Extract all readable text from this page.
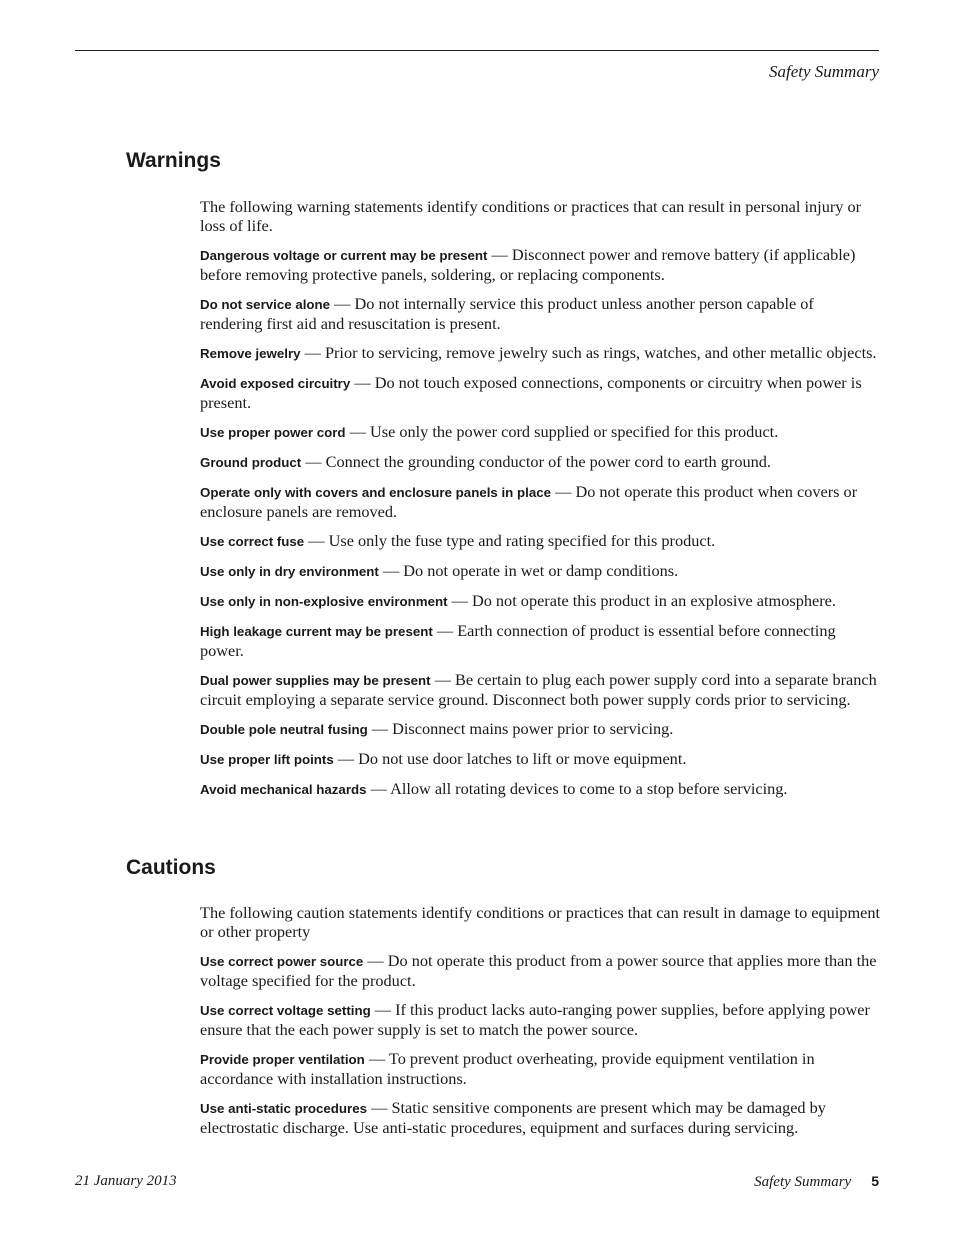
Safety Summary
Warnings

The following warning statements identify conditions or practices that can result in personal injury or loss of life.

Dangerous voltage or current may be present — Disconnect power and remove battery (if applicable) before removing protective panels, soldering, or replacing components.

Do not service alone — Do not internally service this product unless another person capable of rendering first aid and resuscitation is present.

Remove jewelry — Prior to servicing, remove jewelry such as rings, watches, and other metallic objects.

Avoid exposed circuitry — Do not touch exposed connections, components or circuitry when power is present.

Use proper power cord — Use only the power cord supplied or specified for this product.

Ground product — Connect the grounding conductor of the power cord to earth ground.

Operate only with covers and enclosure panels in place — Do not operate this product when covers or enclosure panels are removed.

Use correct fuse — Use only the fuse type and rating specified for this product.

Use only in dry environment — Do not operate in wet or damp conditions.

Use only in non-explosive environment — Do not operate this product in an explosive atmosphere.

High leakage current may be present — Earth connection of product is essential before connecting power.

Dual power supplies may be present — Be certain to plug each power supply cord into a separate branch circuit employing a separate service ground. Disconnect both power supply cords prior to servicing.

Double pole neutral fusing — Disconnect mains power prior to servicing.

Use proper lift points — Do not use door latches to lift or move equipment.

Avoid mechanical hazards — Allow all rotating devices to come to a stop before servicing.

Cautions

The following caution statements identify conditions or practices that can result in damage to equipment or other property

Use correct power source — Do not operate this product from a power source that applies more than the voltage specified for the product.

Use correct voltage setting — If this product lacks auto-ranging power supplies, before applying power ensure that the each power supply is set to match the power source.

Provide proper ventilation — To prevent product overheating, provide equipment ventilation in accordance with installation instructions.

Use anti-static procedures — Static sensitive components are present which may be damaged by electrostatic discharge. Use anti-static procedures, equipment and surfaces during servicing.

21 January 2013	Safety Summary 5
